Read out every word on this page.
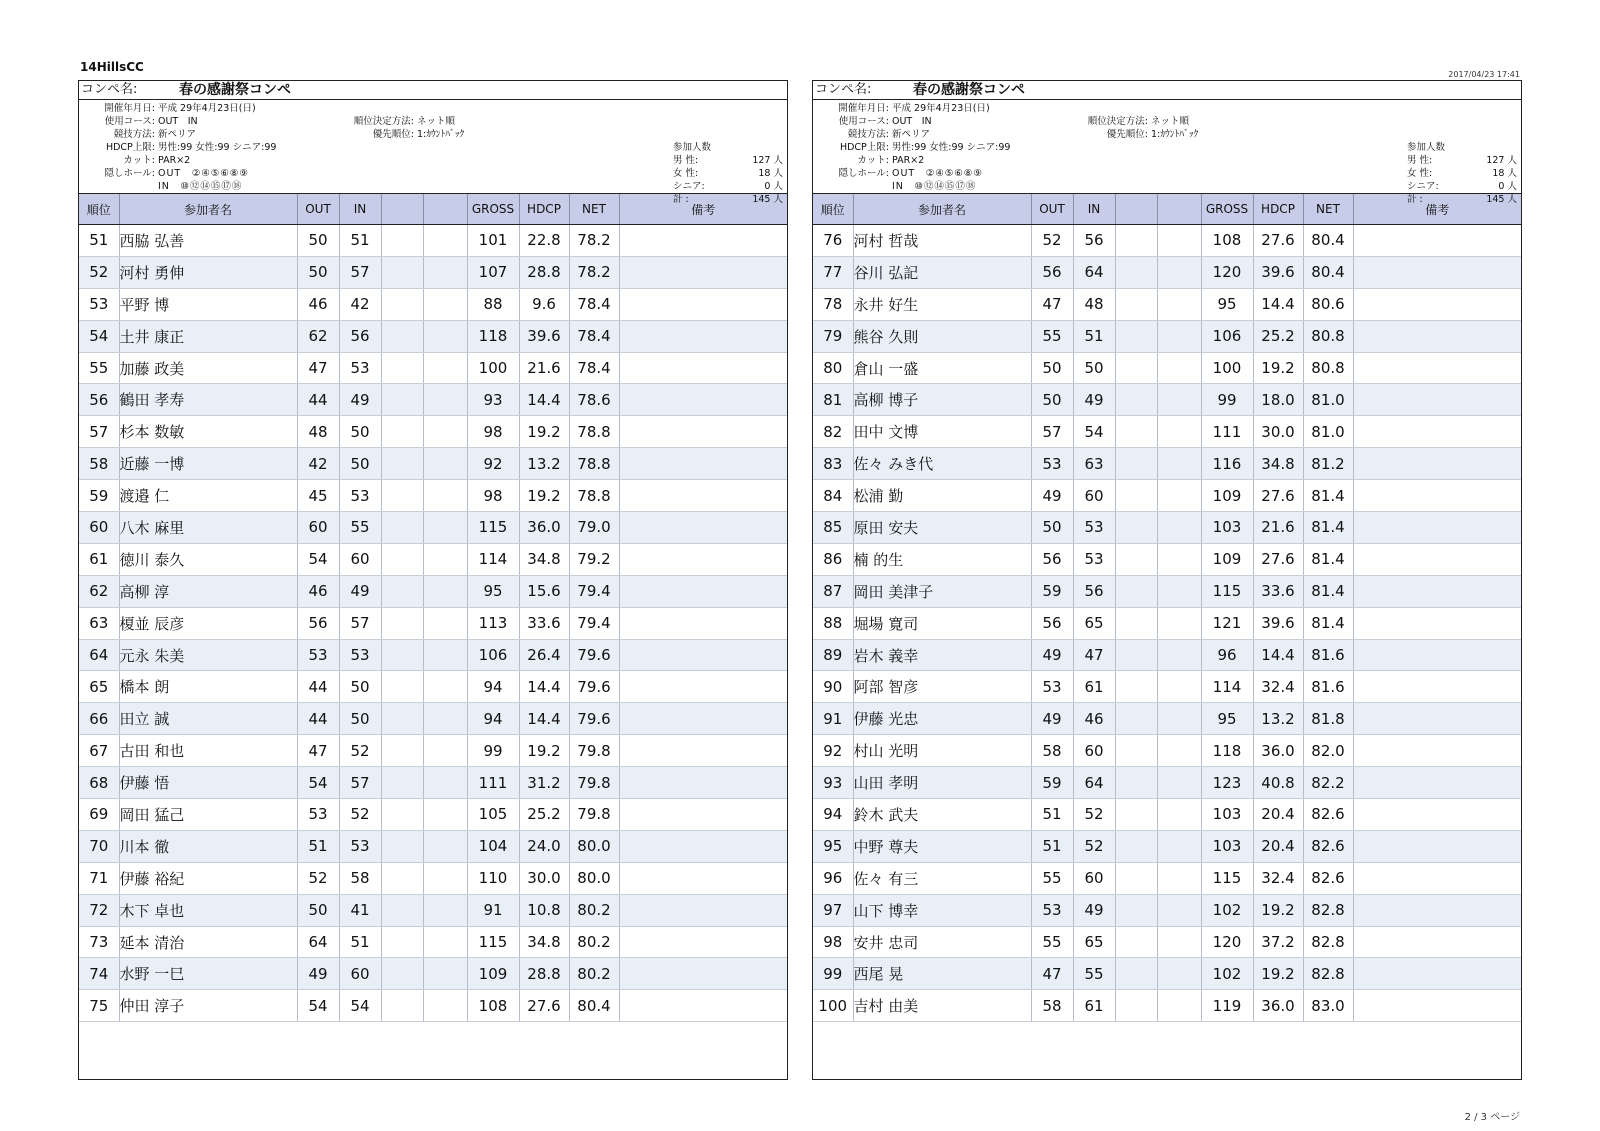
14HillsCC
2017/04/23 17:41
2 / 3 ページ
コンペ名:	春の感謝祭コンペ
開催年月日: 平成 29年4月23日(日)
使用コース: OUT　IN
競技方法: 新ペリア
HDCP上限: 男性:99 女性:99 シニア:99
カット: PAR×2
隠しホール: OUT　②④⑤⑥⑧⑨
IN　⑩⑫⑭⑮⑰⑱
順位決定方法: ネット順
優先順位: 1:ｶｳﾝﾄﾊﾞｯｸ
参加人数
男 性:	127 人
女 性:	18 人
シニア:	0 人
計 :	145 人
順位	参加者名	OUT	IN			GROSS	HDCP	NET	備考
51	西脇 弘善	50	51			101	22.8	78.2	
52	河村 勇伸	50	57			107	28.8	78.2	
53	平野 博	46	42			88	9.6	78.4	
54	土井 康正	62	56			118	39.6	78.4	
55	加藤 政美	47	53			100	21.6	78.4	
56	鶴田 孝寿	44	49			93	14.4	78.6	
57	杉本 数敏	48	50			98	19.2	78.8	
58	近藤 一博	42	50			92	13.2	78.8	
59	渡邉 仁	45	53			98	19.2	78.8	
60	八木 麻里	60	55			115	36.0	79.0	
61	徳川 泰久	54	60			114	34.8	79.2	
62	高柳 淳	46	49			95	15.6	79.4	
63	榎並 辰彦	56	57			113	33.6	79.4	
64	元永 朱美	53	53			106	26.4	79.6	
65	橋本 朗	44	50			94	14.4	79.6	
66	田立 誠	44	50			94	14.4	79.6	
67	古田 和也	47	52			99	19.2	79.8	
68	伊藤 悟	54	57			111	31.2	79.8	
69	岡田 猛己	53	52			105	25.2	79.8	
70	川本 徹	51	53			104	24.0	80.0	
71	伊藤 裕紀	52	58			110	30.0	80.0	
72	木下 卓也	50	41			91	10.8	80.2	
73	延本 清治	64	51			115	34.8	80.2	
74	水野 一巳	49	60			109	28.8	80.2	
75	仲田 淳子	54	54			108	27.6	80.4	
コンペ名:	春の感謝祭コンペ
開催年月日: 平成 29年4月23日(日)
使用コース: OUT　IN
競技方法: 新ペリア
HDCP上限: 男性:99 女性:99 シニア:99
カット: PAR×2
隠しホール: OUT　②④⑤⑥⑧⑨
IN　⑩⑫⑭⑮⑰⑱
順位決定方法: ネット順
優先順位: 1:ｶｳﾝﾄﾊﾞｯｸ
参加人数
男 性:	127 人
女 性:	18 人
シニア:	0 人
計 :	145 人
順位	参加者名	OUT	IN			GROSS	HDCP	NET	備考
76	河村 哲哉	52	56			108	27.6	80.4	
77	谷川 弘記	56	64			120	39.6	80.4	
78	永井 好生	47	48			95	14.4	80.6	
79	熊谷 久則	55	51			106	25.2	80.8	
80	倉山 一盛	50	50			100	19.2	80.8	
81	高柳 博子	50	49			99	18.0	81.0	
82	田中 文博	57	54			111	30.0	81.0	
83	佐々 みき代	53	63			116	34.8	81.2	
84	松浦 勤	49	60			109	27.6	81.4	
85	原田 安夫	50	53			103	21.6	81.4	
86	楠 的生	56	53			109	27.6	81.4	
87	岡田 美津子	59	56			115	33.6	81.4	
88	堀場 寛司	56	65			121	39.6	81.4	
89	岩木 義幸	49	47			96	14.4	81.6	
90	阿部 智彦	53	61			114	32.4	81.6	
91	伊藤 光忠	49	46			95	13.2	81.8	
92	村山 光明	58	60			118	36.0	82.0	
93	山田 孝明	59	64			123	40.8	82.2	
94	鈴木 武夫	51	52			103	20.4	82.6	
95	中野 尊夫	51	52			103	20.4	82.6	
96	佐々 有三	55	60			115	32.4	82.6	
97	山下 博幸	53	49			102	19.2	82.8	
98	安井 忠司	55	65			120	37.2	82.8	
99	西尾 晃	47	55			102	19.2	82.8	
100	吉村 由美	58	61			119	36.0	83.0	
